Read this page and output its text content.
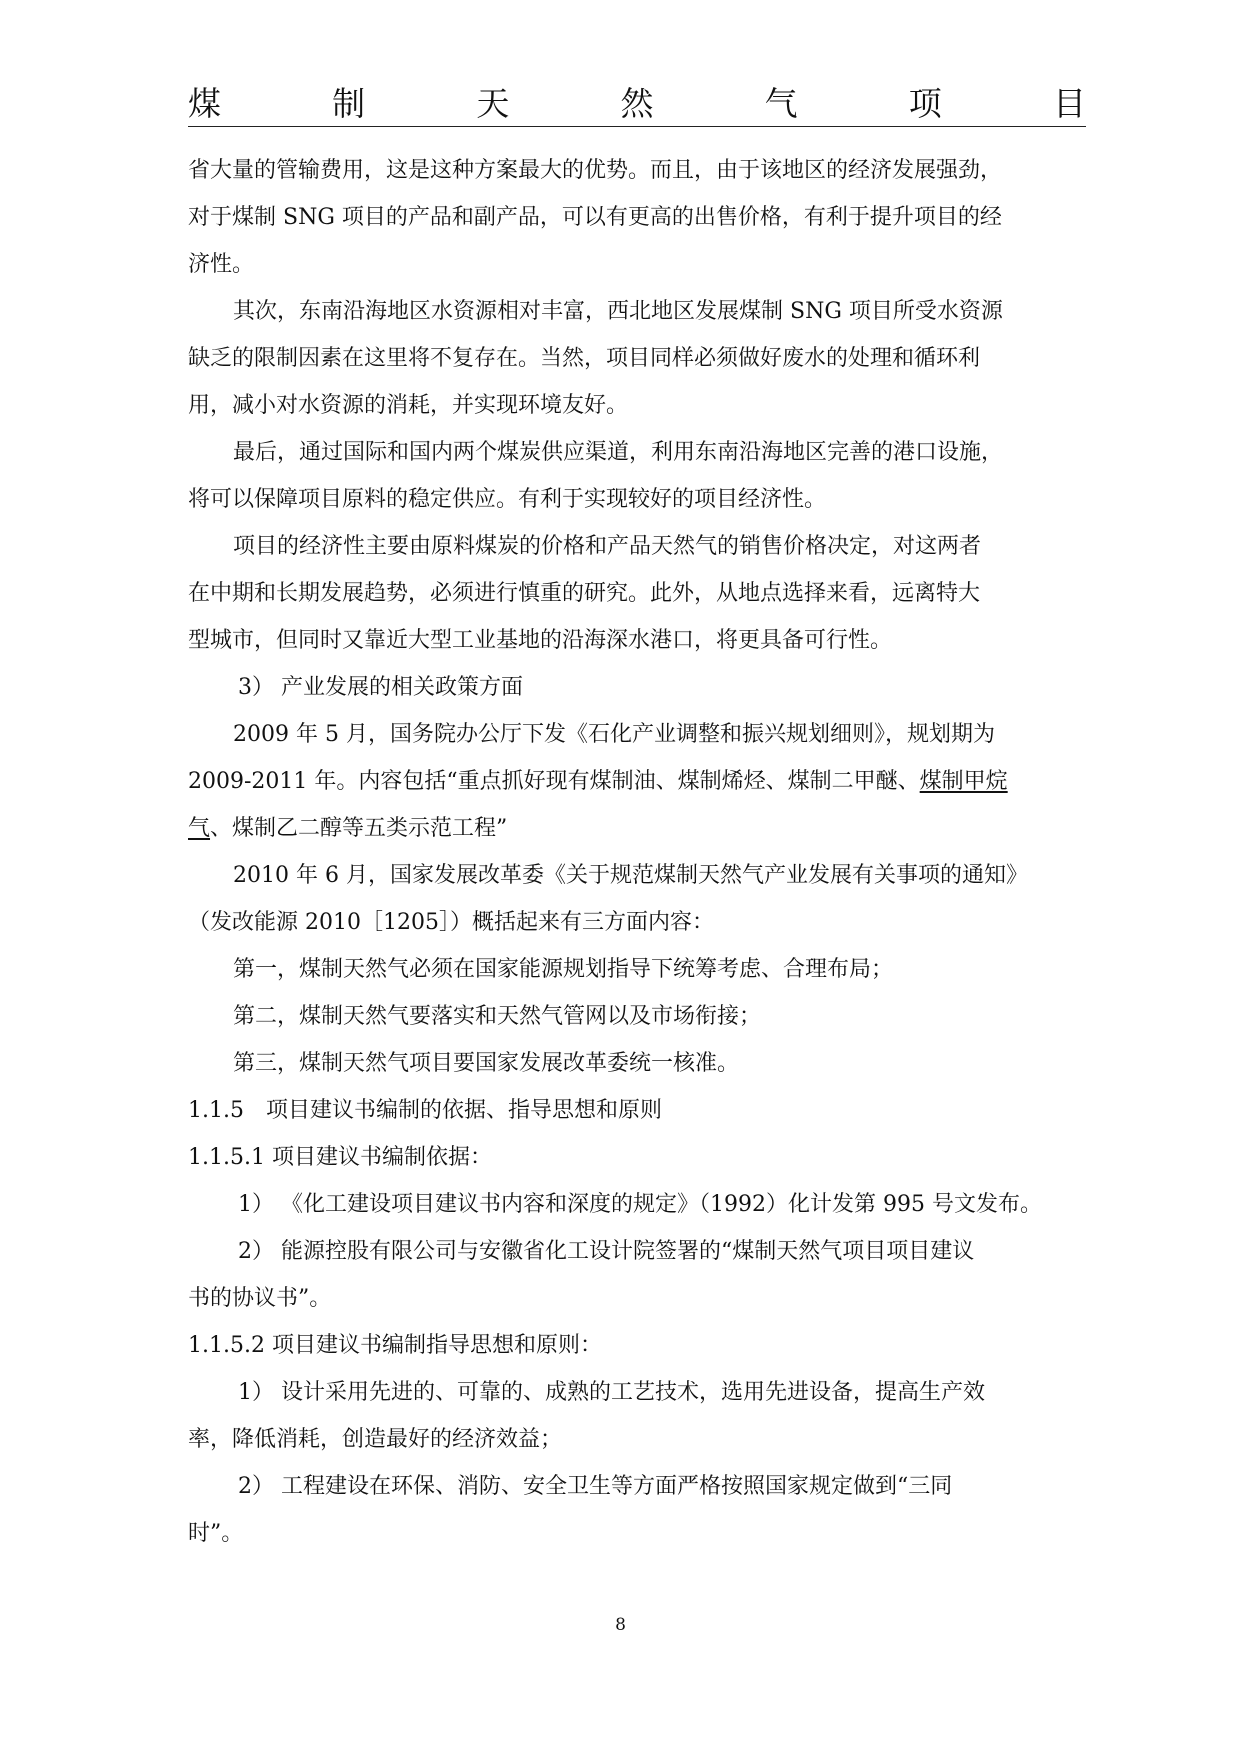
煤	制	天	然	气	项	目
省大量的管输费用，这是这种方案最大的优势。而且，由于该地区的经济发展强劲，
对于煤制 SNG 项目的产品和副产品，可以有更高的出售价格，有利于提升项目的经
济性。
其次，东南沿海地区水资源相对丰富，西北地区发展煤制 SNG 项目所受水资源
缺乏的限制因素在这里将不复存在。当然，项目同样必须做好废水的处理和循环利
用，减小对水资源的消耗，并实现环境友好。
最后，通过国际和国内两个煤炭供应渠道，利用东南沿海地区完善的港口设施，
将可以保障项目原料的稳定供应。有利于实现较好的项目经济性。
项目的经济性主要由原料煤炭的价格和产品天然气的销售价格决定，对这两者
在中期和长期发展趋势，必须进行慎重的研究。此外，从地点选择来看，远离特大
型城市，但同时又靠近大型工业基地的沿海深水港口，将更具备可行性。
3） 产业发展的相关政策方面
2009 年 5 月，国务院办公厅下发《石化产业调整和振兴规划细则》，规划期为
2009-2011 年。内容包括“重点抓好现有煤制油、煤制烯烃、煤制二甲醚、煤制甲烷
气、煤制乙二醇等五类示范工程”
2010 年 6 月，国家发展改革委《关于规范煤制天然气产业发展有关事项的通知》
（发改能源 2010［1205］）概括起来有三方面内容：
第一，煤制天然气必须在国家能源规划指导下统筹考虑、合理布局；
第二，煤制天然气要落实和天然气管网以及市场衔接；
第三，煤制天然气项目要国家发展改革委统一核准。
1.1.5　项目建议书编制的依据、指导思想和原则
1.1.5.1 项目建议书编制依据：
1） 《化工建设项目建议书内容和深度的规定》（1992）化计发第 995 号文发布。
2） 能源控股有限公司与安徽省化工设计院签署的“煤制天然气项目项目建议
书的协议书”。
1.1.5.2 项目建议书编制指导思想和原则：
1） 设计采用先进的、可靠的、成熟的工艺技术，选用先进设备，提高生产效
率，降低消耗，创造最好的经济效益；
2） 工程建设在环保、消防、安全卫生等方面严格按照国家规定做到“三同
时”。
8
